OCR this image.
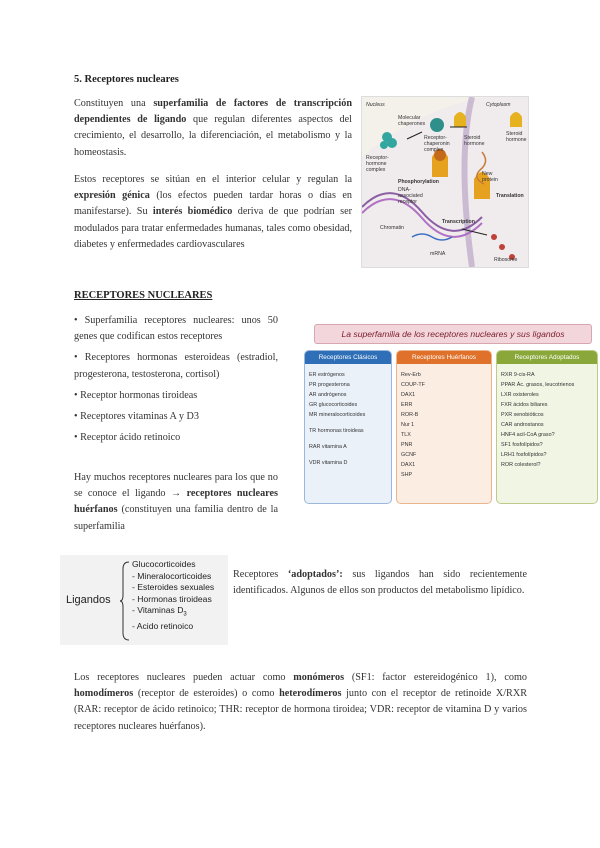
5. Receptores nucleares

Constituyen una superfamilia de factores de transcripción dependientes de ligando que regulan diferentes aspectos del crecimiento, el desarrollo, la diferenciación, el metabolismo y la homeostasis.

Estos receptores se sitúan en el interior celular y regulan la expresión génica (los efectos pueden tardar horas o días en manifestarse). Su interés biomédico deriva de que podrían ser modulados para tratar enfermedades humanas, tales como obesidad, diabetes y enfermedades cardiovasculares

Nucleus	Cytoplasm
Molecular chaperones
Receptor-chaperonin complex
Steroid hormone
Steroid hormone
Receptor-hormone complex
Phosphorylation
DNA-associated receptor
Chromatin
Transcription
mRNA
New protein
Translation
Ribosome
RECEPTORES NUCLEARES

• Superfamilia receptores nucleares: unos 50 genes que codifican estos receptores

• Receptores hormonas esteroideas (estradiol, progesterona, testosterona, cortisol)

• Receptor hormonas tiroideas

• Receptores vitaminas A y D3

• Receptor ácido retinoico

Hay muchos receptores nucleares para los que no se conoce el ligando → receptores nucleares huérfanos (constituyen una familia dentro de la superfamilia

La superfamilia de los receptores nucleares y sus ligandos
Receptores Clásicos
ER estrógenos
PR progesterona
AR andrógenos
GR glucocorticoides
MR mineralocorticoides
TR hormonas tiroideas
RAR vitamina A
VDR vitamina D
Receptores Huérfanos
Rev-Erb
COUP-TF
DAX1
ERR
ROR-B
Nur 1
TLX
PNR
GCNF
DAX1
SHP
Receptores Adoptados
RXR 9-cis-RA
PPAR Ác. grasos, leucotrienos
LXR oxisteroles
FXR ácidos biliares
PXR xenobióticos
CAR androstanos
HNF4 acil-CoA graso?
SF1 fosfolípidos?
LRH1 fosfolípidos?
ROR colesterol?
Ligandos
Glucocorticoides
- Mineralocorticoides
- Esteroides sexuales
- Hormonas tiroideas
- Vitaminas $D_3$
- Acido retinoico

Receptores ‘adoptados’: sus ligandos han sido recientemente identificados. Algunos de ellos son productos del metabolismo lipídico.

Los receptores nucleares pueden actuar como monómeros (SF1: factor estereidogénico 1), como homodímeros (receptor de esteroides) o como heterodímeros junto con el receptor de retinoide X/RXR (RAR: receptor de ácido retinoico; THR: receptor de hormona tiroidea; VDR: receptor de vitamina D y varios receptores nucleares huérfanos).
